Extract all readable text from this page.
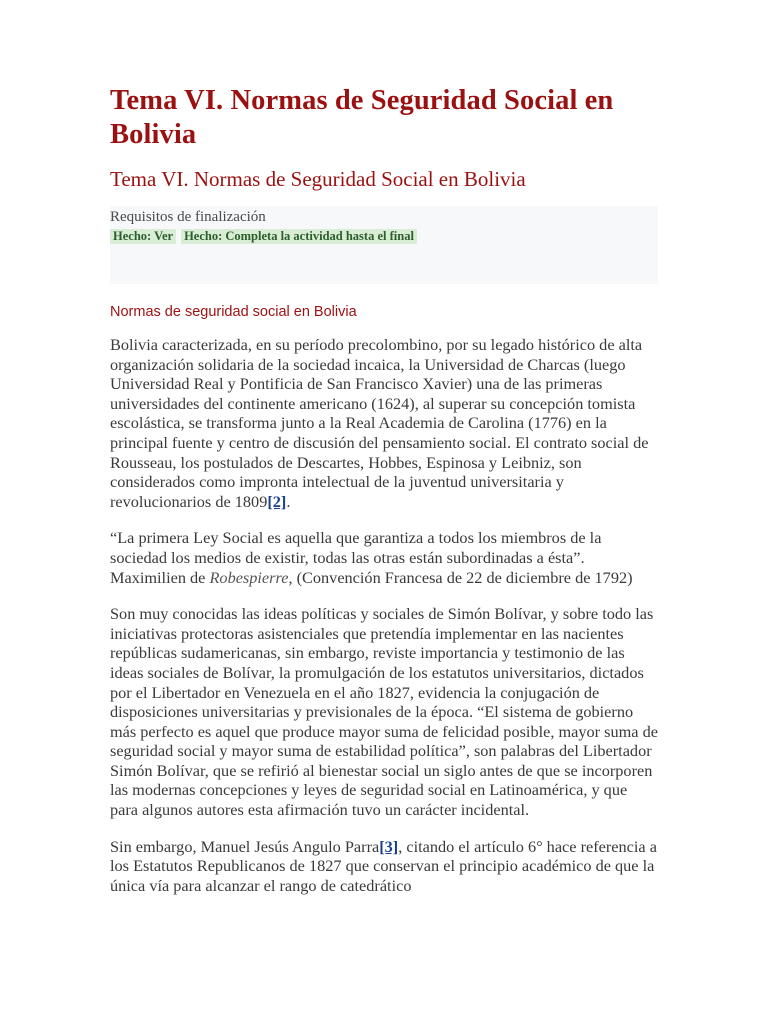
Tema VI. Normas de Seguridad Social en Bolivia
Tema VI. Normas de Seguridad Social en Bolivia
Requisitos de finalización
Hecho: Ver Hecho: Completa la actividad hasta el final
Normas de seguridad social en Bolivia

Bolivia caracterizada, en su período precolombino, por su legado histórico de alta organización solidaria de la sociedad incaica, la Universidad de Charcas (luego Universidad Real y Pontificia de San Francisco Xavier) una de las primeras universidades del continente americano (1624), al superar su concepción tomista escolástica, se transforma junto a la Real Academia de Carolina (1776) en la principal fuente y centro de discusión del pensamiento social. El contrato social de Rousseau, los postulados de Descartes, Hobbes, Espinosa y Leibniz, son considerados como impronta intelectual de la juventud universitaria y revolucionarios de 1809[2].

“La primera Ley Social es aquella que garantiza a todos los miembros de la sociedad los medios de existir, todas las otras están subordinadas a ésta”. Maximilien de Robespierre, (Convención Francesa de 22 de diciembre de 1792)

Son muy conocidas las ideas políticas y sociales de Simón Bolívar, y sobre todo las iniciativas protectoras asistenciales que pretendía implementar en las nacientes repúblicas sudamericanas, sin embargo, reviste importancia y testimonio de las ideas sociales de Bolívar, la promulgación de los estatutos universitarios, dictados por el Libertador en Venezuela en el año 1827, evidencia la conjugación de disposiciones universitarias y previsionales de la época. “El sistema de gobierno más perfecto es aquel que produce mayor suma de felicidad posible, mayor suma de seguridad social y mayor suma de estabilidad política”, son palabras del Libertador Simón Bolívar, que se refirió al bienestar social un siglo antes de que se incorporen las modernas concepciones y leyes de seguridad social en Latinoamérica, y que para algunos autores esta afirmación tuvo un carácter incidental.

Sin embargo, Manuel Jesús Angulo Parra[3], citando el artículo 6° hace referencia a los Estatutos Republicanos de 1827 que conservan el principio académico de que la única vía para alcanzar el rango de catedrático
